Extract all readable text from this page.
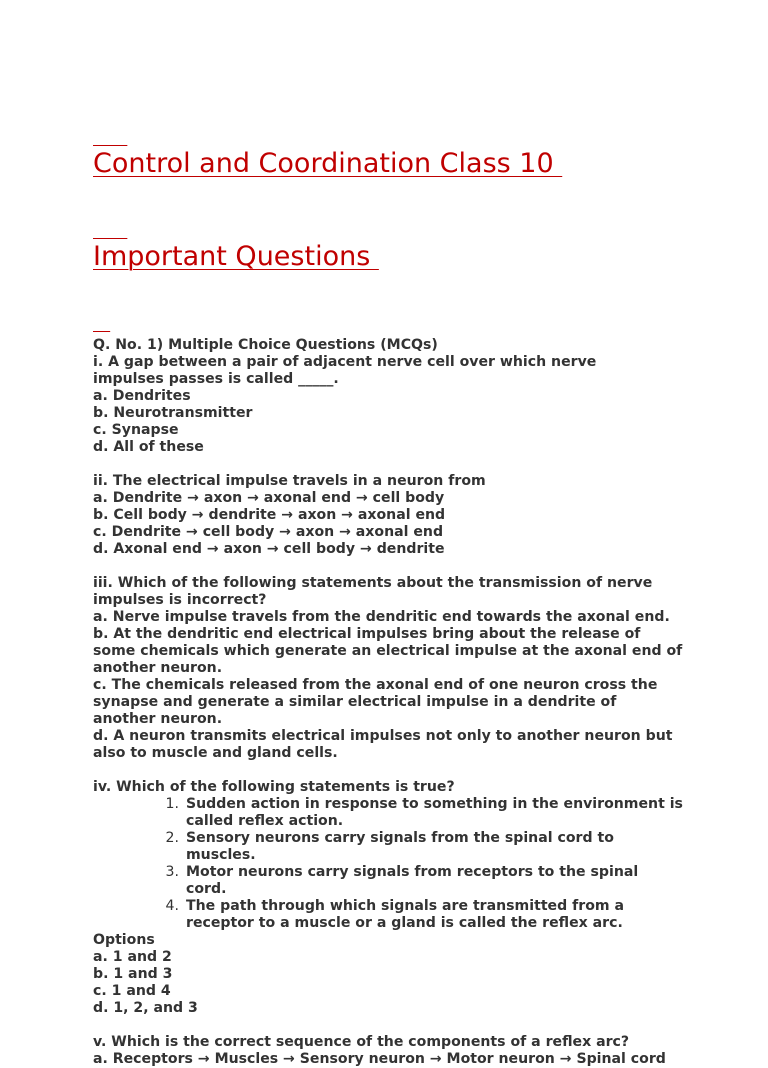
Control and Coordination Class 10

Important Questions

Q. No. 1) Multiple Choice Questions (MCQs)

i. A gap between a pair of adjacent nerve cell over which nerve
impulses passes is called _____.

a. Dendrites

b. Neurotransmitter

c. Synapse

d. All of these

ii. The electrical impulse travels in a neuron from

a. Dendrite → axon → axonal end → cell body

b. Cell body → dendrite → axon → axonal end

c. Dendrite → cell body → axon → axonal end

d. Axonal end → axon → cell body → dendrite

iii. Which of the following statements about the transmission of nerve impulses is incorrect?

a. Nerve impulse travels from the dendritic end towards the axonal end.

b. At the dendritic end electrical impulses bring about the release of some chemicals which generate an electrical impulse at the axonal end of another neuron.

c. The chemicals released from the axonal end of one neuron cross the synapse and generate a similar electrical impulse in a dendrite of another neuron.

d. A neuron transmits electrical impulses not only to another neuron but also to muscle and gland cells.

iv. Which of the following statements is true?

1. Sudden action in response to something in the environment is called reflex action.
2. Sensory neurons carry signals from the spinal cord to muscles.
3. Motor neurons carry signals from receptors to the spinal cord.
4. The path through which signals are transmitted from a receptor to a muscle or a gland is called the reflex arc.

Options

a. 1 and 2

b. 1 and 3

c. 1 and 4

d. 1, 2, and 3

v. Which is the correct sequence of the components of a reflex arc?

a. Receptors → Muscles → Sensory neuron → Motor neuron → Spinal cord
